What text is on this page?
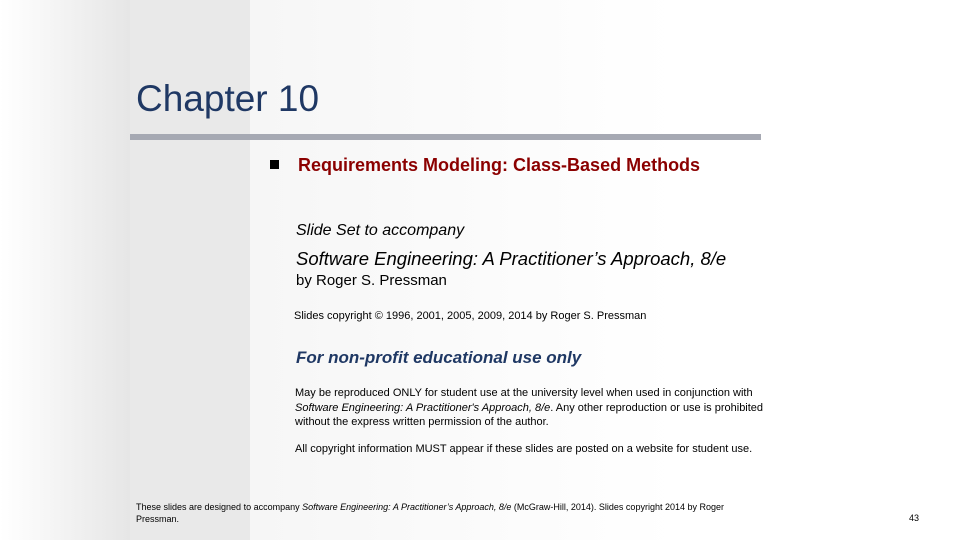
Chapter 10
Requirements Modeling: Class-Based Methods
Slide Set to accompany
Software Engineering: A Practitioner’s Approach, 8/e
by Roger S. Pressman
Slides copyright © 1996, 2001, 2005, 2009, 2014 by Roger S. Pressman
For non-profit educational use only
May be reproduced ONLY for student use at the university level when used in conjunction with Software Engineering: A Practitioner's Approach, 8/e. Any other reproduction or use is prohibited without the express written permission of the author.
All copyright information MUST appear if these slides are posted on a website for student use.
These slides are designed to accompany Software Engineering: A Practitioner’s Approach, 8/e (McGraw-Hill, 2014). Slides copyright 2014 by Roger Pressman.	43
